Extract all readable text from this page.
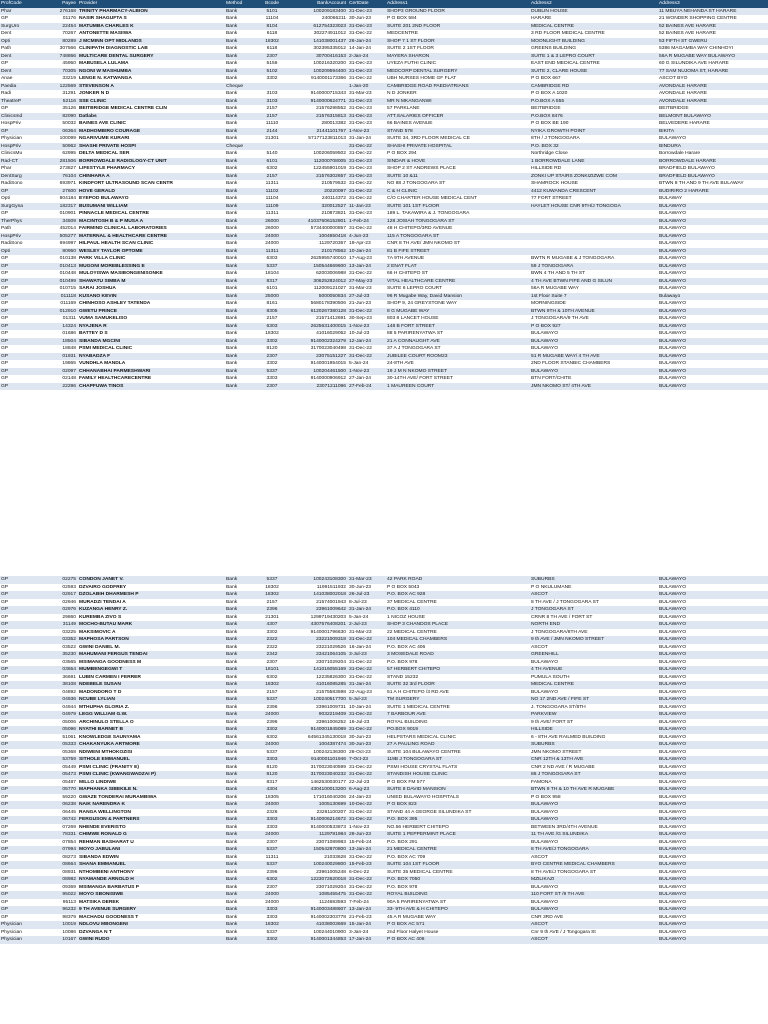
ProfCode	Payee	Provider	Method	Bcode	BankAccount	CertDate	Address1	Address2	Address3
Phar	276168	TRINITY PHARMACY-ALBION	Bank	5101	100209183400	31-Dec-23	SHOP3 GROUND FLOOR	DUBLIN HOUSE	11 MBUYA NEHANDA ST HARARE
GP	01176	NASIR SHAGUFTA S	Bank	11104	240066211	30-Jun-23	P O BOX 584	HARARE	21 WONDER SHOPPING CENTRE
SurgUro	22454	MATUMBA CHARLES K	Bank	8104	612754323023	31-Dec-23	SUITE 201 2ND FLOOR	MEDICAL CENTRE	52 BAINES AVE HARARE
Dent	70267	ANTONETTE MASIIWA	Bank	6118	302274911012	31-Dec-22	MEDCENTRE	3 RD FLOOR MEDICAL CENTRE	52 BAINES AVE HARARE
Opti	80289	J MCMINN OPT MIDLANDS	Bank	18302	141038001437	26-Jan-24	SHOP 7 1 ST FLOOR	MOONLIGHT BUILDING	53 FIFTH ST GWERU
Path	307566	CLINIPATH DIAGNOSTIC LAB	Bank	6118	302395335012	14-Jan-24	SUITE 2 1ST FLOOR	GREENS BUILDING	5386 MAGAMBA WAY CHINHOYI
Dent	748866	MULTICARE DENTAL SURGERY	Bank	2307	30700416153	2-Jan-24	MAYERA SHARON	SUITE 1 & 3 LEPRO COURT	56A R MUGABE WAY BULAWAYO
GP	45950	MABUSELA LULAMA	Bank	5156	100216320200	31-Dec-23	UYEZA FUTHI CLINIC	EAST END MEDICAL CENTRE	60 G SILUNDIKA AVE HARARE
Dent	70305	NGONI W MASHUMBA	Bank	5102	100209594400	31-Dec-23	MEDCORP DENTAL SURGERY	SUITE 2, CLARE HOUSE	77 SAM NUJOMA ST, HARARE
Anae	33219	LENGE N. KATWANGA	Bank	3302	9140001173366	31-Dec-22	UBH NURSES HOME GF FLAT	P O BOX 667	ASCOT BYO
Paedia	122569	STEVENSON A	Cheque			1-Jan-20	CAMBRIDGE ROAD PAEDIATRIANS	CAMBRIDGE RD	AVONDALE HARARE
Radi	31291	JONKER N D	Bank	3103	9140000715343	31-Mar-23	N D JONKER	P O BOX A 1020	AVONDALE HARARE
TheatreP	52116	SSE CLINIC	Bank	3103	9140000624771	31-Dec-23	MR N MKANGANWI	P.O.BOX A 555	AVONDALE HARARE
GP	35126	BEITBRIDGE MEDICAL CENTRE CLIN	Bank	2157	21576298552	31-Dec-23	57 PARKLANE	BEITBRIDGE	BEITBRIDGE
ClinicsInd	82090	Datlabs	Bank	2157	21576315813	31-Dec-23	ATT.SALARIES OFFICER	P.O.BOX 8476	BELMONT BULAWAYO
HospPriv	50032	BAINES AVE CLINIC	Bank	11110	280013382	31-Dec-23	66 BAINES AVENUE	P O BOX BE 190	BELVEDERE HARARE
GP	06364	MADHOMBIRO COURAGE	Bank	2144	21441101767	1-Nov-23	STAND 578	NYIKA GROWTH POINT	BIKITA
Physician	100099	NGARIVUME KURARI	Bank	21301	57177123811013	31-Jan-24	SUITE 34, 3RD FLOOR MEDICAL CE	8TH / J TONGOGARA	BULAWAYO
HospPriv	50962	SHASHI PRIVATE HOSPI	Cheque			31-Dec-22	SHASHI PRIVATE HOSPITAL	P.O. BOX 32	BINDURA
ClinicsMu	62995	DELTA MEDICAL SER	Bank	5140	100206059502	31-Dec-22	P O BOX 294	Northridge Close	Borrowdale Harare
Rad-CT	281506	BORROWDALE RADIOLOGY-CT UNIT	Bank	6101	112000708005	31-Dec-23	SINDAR & HOVE	1 BORROWDALE LANE	BORROWDALE HARARE
Phar	273827	LIFESTYLE PHARMACY	Bank	6302	122455901019	31-Dec-23	SHOP 2 ST ANDREWS PLACE	HILLSIDE RD	BRADFIELD BULAWAYO
DentSurg	76104	CHINHARA A	Bank	2157	21576302657	31-Dec-23	SUITE 10 &11	ZONKI UP STAIRS ZONKIZIZWE COM	BRADFIELD BULAWAYO
RadiSono	693971	KINDFORT ULTRASOUND SCAN CENTR	Bank	11311	210579532	31-Dec-22	NO 88 J TONGOGARA ST	SHAMROCK HOUSE	BTWN 8 TH AND 9 TH AVE BULAWAY
GP	27600	HOVE GERALD	Bank	11102	20220097	31-Dec-22	C & H CLINIC	4412 KUWANDA CRESCENT	BUDIRIRO 2 HARARE
Opti	804184	EYEPOD BULAWAYO	Bank	11104	240114372	31-Dec-22	C/O CHARTER HOUSE MEDICAL CENT	77 FORT STREET	BULAWAY
SurgGyna	182317	BUSUMANI WILLIAM	Bank	11109	320012527	11-Jan-23	SUITE 101 1ST FLOOR	HAYLET HOUSE CNR 9TH/J TONGOGA	BULAWAYO
GP	010901	PINNACLE MEDICAL CENTRE	Bank	11311	210873821	31-Dec-23	189 L. TAKAWIRA & J. TONGOGARA		BULAWAYO
TherPhys	34509	MACINTOSH B & P MUSA A	Bank	26000	41037606152801	1-Feb-24	128 JOSIAH TONGOGARA ST		BULAWAYO
Path	452014	FAIRMIND CLINICAL LABORATORIES	Bank	26000	5734400000857	31-Dec-22	48 H CHITEPO/3RD AVENUE		BULAWAYO
HospPriv	505277	MATERNAL & HEALTHCARE CENTRE	Bank	24000	1004650418	4-Jun-23	115 A TONGOGARA ST		BULAWAYO
RadiSono	694997	HILPAUL HEALTH SCAN CLINIC	Bank	24000	1129720357	19-Apr-23	CNR 8 TH AVE/ JMN NKOMO ST		BULAWAYO
Opti	80950	WESLEY TAYLOR OPTOME	Bank	11311	210178562	10-Jan-24	81 B FIFE STREET		BULAWAYO
GP	010138	PARK VILLA CLINIC	Bank	6303	2625955740010	17-Aug-23	7A 9TH AVENUE	BWTN R MUGABE & J TONGOGARA	BULAWAYO
GP	010413	MUGONI MOREBLESSING E	Bank	5337	150544669600	13-Jan-24	2 ENAT FLAT	59 J TONGOGARA	BULAWAYO
GP	010448	MULOYISWA MASIBONGENISONKE	Bank	18104	62003006988	31-Dec-22	66 H CHITEPO ST	BWN 4 TH AND 5 TH ST	BULAWAYO
GP	010499	SHAWATU SIMBA M	Bank	8317	306252824012	27-May-23	VITAL HEALTHCARE CENTRE	4 TH AVE BTWN FIFE AND G SILUN	BULAWAYO
GP	010715	SARAI JOSHUA	Bank	6101	112009121027	31-Mar-23	SUITE 6 LEPRO COURT	56A R MUGABE WAY	BULAWAYO
GP	011118	KUSANO KEVIN	Bank	25000	5000050834	27-Jul-23	96 R Mugabe Way, David Mansion	1st Floor Suite 7	Bulawayo
GP	011169	CHINHOSO ASHLEY TATENDA	Bank	8161	5680178390506	21-Jun-23	SHOP 9, 24 GREYSTONE WAY	MORNINGSIDE	BULAWAYO
GP	012910	GWETU PRINCE	Bank	8305	6120267380128	31-Dec-22	8 G MUGABE WAY	BTWN 9TH & 10TH AVENUE	BULAWAYO
GP	01311	VUMA SAMUKELISO	Bank	2157	21571412691	30-Sep-23	803 8 LANCET HOUSE	J TONGOGARA/9 TH AVE	BULAWAYO
GP	14324	NYAJENA R	Bank	6303	2625631400015	1-Nov-23	148 B FORT STREET	P O BOX 927	BULAWAYO
GP	01686	BATTEY D S	Bank	18302	41016029052	10-Jul-23	88 5 PARIRENYATWA ST	BULAWAYO	BULAWAYO
GP	18504	SIBANDA MGCINI	Bank	3302	9140002324279	12-Jan-24	21 A CONNAUGHT AVE	BULAWAYO	BULAWAYO
GP	18848	PSMI MEDICAL CLINIC	Bank	8120	3170023040498	31-Dec-22	37 A J TONGOGARA ST	BULAWAYO	BULAWAYO
GP	01931	NYABADZA F	Bank	2307	23075151227	31-Dec-22	JUBILEE COURT ROOM23	51 R MUGABE WAY/ 4 TH AVE	BULAWAYO
GP	19865	VUNDHLA MANDLA	Bank	3302	9140001954015	5-Jan-24	24-8TH AVE	2ND FLOOR STANBIC CHAMBERS	BULAWAYO
GP	02097	CHHANABHAI PARMESHWARI	Bank	5337	100204461500	1-Nov-23	19 J M N NKOMO STREET	BULAWAYO	BULAWAYO
GP	02148	FAMILY HEALTHCARECENTRE	Bank	3303	9140000906912	27-Jan-24	30-14TH AVE/ FORT STREET	BTN FORT/CHITE	BULAWAYO
GP	22296	CHAPFUWA TINOS	Bank	2307	23071211096	27-Feb-24	1 MAUREEN COURT	JMN NKOMO ST/ 4TH AVE	BULAWAYO
GP	02275	CONDON JANET V.	Bank	5337	100243108300	31-Mar-23	42 PARK ROAD	SUBURBS	BULAWAYO
GP	02593	DZVAIRO GODFREY	Bank	18302	11991511932	30-Jun-23	P O BOX 5043	P O NKULUMANE	BULAWAYO
GP	02917	DZOLABIH DHARMESH P	Bank	18302	141038002018	26-Jul-23	P.O. BOX AC 928	ASCOT	BULAWAYO
GP	02946	MURADZI TENDAI A	Bank	2157	21574001943	8-Jul-23	37 MEDICAL CENTRE	8 TH AVE / J TONGOGARA ST	BULAWAYO
GP	02976	KUZANGA HENRY Z.	Bank	2396	23961009642	31-Jan-24	P.O. BOX 4110	J TONGOGARA ST	BULAWAYO
GP	29860	KUREMBA ZIVO S	Bank	21301	1299719430203	5-Jan-24	1 NICOZ HOUSE	CRNR 8 TH AVE / FORT ST	BULAWAYO
GP	31149	MOCHO-BUTAU MARK	Bank	4307	4307576408201	2-Jul-23	SHOP 3 CHANDOS PLACE	NORTH END	BULAWAYO
GP	03225	MAKSIMOVIC A	Bank	3302	9140001796630	31-Mar-23	22 MEDICAL CENTRE	J TONGOGARA/8TH AVE	BULAWAYO
GP	03352	MAPHOSA PARTSON	Bank	2322	23221009318	31-Dec-22	104 MEDICAL CHAMBERS	9 th AVE / JMN NKOMO STREET	BULAWAYO
GP	03522	GWINI DANIEL M.	Bank	2322	23221029526	16-Jan-24	P.O. BOX AC 406	ASCOT	BULAWAYO
GP	35230	MAHUMANI FERGUS TENDAI	Bank	2342	23421064105	3-Jul-23	3 MOSEDALE ROAD	GREENHILL	BULAWAYO
GP	03565	MSIMANGA GOODNESS M	Bank	2307	23071029204	31-Dec-22	P.O. BOX 978	BULAWAYO	BULAWAYO
GP	03654	MUMBENGEGWI T	Bank	18101	141016055169	31-Dec-22	57 HERBERT CHITEPO	4 TH AVENUE	BULAWAYO
GP	36691	LUBIN CARMEN I FERRER	Bank	6302	12235826300	31-Dec-22	STAND 15232	PUMULA SOUTH	BULAWAYO
GP	38108	NDEBELE SUSAN	Bank	18302	41016085285	31-Jan-24	SUITE 32 3rd FLOOR	MEDICAL CENTRE	BULAWAYO
GP	04892	MADONDORO T D	Bank	2157	21575583598	22-Aug-23	51 A H CHITEPO /3 RD AVE	BULAWAYO	BULAWAYO
GP	04936	NCUBE LYLIAN	Bank	5337	100240517700	5-Jul-23	TM SURGERY	NO 17 2ND AVE / FIFE ST	BULAWAYO
GP	04944	MTHUPHA GLORIA Z.	Bank	2396	23961009731	10-Jan-24	SUITE 1 MEDICAL CENTRE	J. TONGOGARA ST/8TH	BULAWAYO
GP	04979	LEGG WILLIAM G.W.	Bank	24000	9032219409	31-Dec-22	7 BARBOUR AVE	PARKVIEW	BULAWAYO
GP	05006	ARCHINULO STELLA O	Bank	2396	23961006252	16-Jul-23	ROYAL BUILDING	9 th AVE/ FORT ST	BULAWAYO
GP	05096	NYATHI BARNET B	Bank	3302	9140001845089	31-Dec-22	PO.BOX 9019	HILLSIDE	BULAWAYO
GP	51061	KNOWLEDGE SAUNYAMA	Bank	6302	64561345130018	30-Jun-23	HELPSTARS MEDICAL CLINIC	6 - 8TH AVE RAILMED BUILDING	BULAWAYO
GP	05333	CHAKANYUKA ARTMORE	Bank	24000	1004387474	30-Jun-23	27 A PAULING ROAD	SUBURBS	BULAWAYO
GP	05368	NDIWENI MTHOKOZISI	Bank	5337	100242136300	28-Oct-23	SUITE 104 BULAWAYO CENTRE	JMN NKOMO STREET	BULAWAYO
GP	53759	SITHOLE EMMANUEL	Bank	3303	9140001101946	7-Oct-23	119B J TONGOGARA ST	CNR 12TH & 13TH AVE	BULAWAYO
GP	05449	PSMI CLINIC (FRANITY E)	Bank	8120	3170023040599	31-Dec-22	PSMI HOUSE CRYSTAL FLATS	CNR 2 ND AVE / R MUGABE	BULAWAYO
GP	05473	PSMI CLINIC (KWANGWADZAI P)	Bank	8120	3170023040232	31-Dec-22	STANDISH HOUSE CLINIC	86 J TONGOGARA ST	BULAWAYO
GP	05487	MILLO LINDIWE	Bank	8317	1462530030177	22-Jul-23	P O BOX FM 577	FAMONA	BULAWAYO
GP	05770	MAPHANKA SIBEKILE N.	Bank	4304	4304100013200	6-Aug-23	SUITE 8 DAVID MANSION	BTWN 9 TH & 10 TH AVE R MUGABE	BULAWAYO
GP	59220	GWAZE TONDERAI MURAMBIWA	Bank	18305	171016040206	24-Jan-23	UNIED BULAWAYO HOSPITALS	P O BOX 958	BULAWAYO
GP	06238	NAIK NARENDRA K	Bank	24000	1005130699	10-Dec-22	P O BOX 823	BULAWAYO	BULAWAYO
GP	06445	RANGA WELLINGTON	Bank	2326	23261100207	31-Dec-22	STAND 44 A GEORGE SILUNDIKA ST	BULAWAYO	BULAWAYO
GP	06742	FERGUSON & PARTNERS	Bank	3303	9140006214672	31-Dec-22	P.O. BOX 395	BULAWAYO	BULAWAYO
GP	07269	NHENDE EVERISTO	Bank	3303	9140000533873	1-Nov-23	NO.56 HERBERT CHITEPO	BETWEEN 3RD/4TH AVENUE	BULAWAYO
GP	78331	CHIMWE RONALD G	Bank	24000	1129781984	28-Jun-23	SUITE 1 PEPPERMINT PLACE	11 TH AVE /G SILUNDIKA	BULAWAYO
GP	07854	REHMAN BASHARAT U	Bank	2307	23071089983	15-Feb-24	P.O. BOX 291	BULAWAYO	BULAWAYO
GP	07994	MOYO JABULANI	Bank	5337	150542870800	13-Jan-24	21 MEDICAL CENTRE	8 TH AVE/J TONGOGARA	BULAWAYO
GP	08273	SIBANDA EDWIN	Bank	11311	21033628	31-Dec-22	P.O. BOX AC 709	ASCOT	BULAWAYO
GP	08664	SHANA EMMANUEL	Bank	5337	100240029800	15-Feb-23	SUITE 104 1ST FLOOR	BYO CENTRE MEDICAL CHAMBERS	BULAWAYO
GP	08931	NTHOMBENI ANTHONY	Bank	2396	23961005248	6-Dec-22	SUITE 35 MEDICAL CENTRE	8 TH AVE/J TONGOGARA ST	BULAWAYO
GP	08982	NYAMANDE ARNOLD H	Bank	6302	1223072620018	31-Dec-22	P.O. BOX 7050	MZILIKAZI	BULAWAYO
GP	09369	MSIMANGA BARBATUS P	Bank	2307	23071029204	31-Dec-22	P.O. BOX 978	BULAWAYO	BULAWAYO
GP	95022	MOYO SBONISIWE	Bank	24000	1085455475	31-Dec-22	ROYAL BUILDING	110 FORT ST /9 TH AVE	BULAWAYO
GP	95113	MATSIKA DEREK	Bank	24000	1124683593	7-Feb-24	90A 5 PARIRENYATWA ST	BULAWAYO	BULAWAYO
GP	96232	9 TH AVENUE SURGERY	Bank	3303	9140003488607	13-Jan-24	33- 9TH AVE & H CHITEPO	BULAWAYO	BULAWAYO
GP	98379	MACHADU GOODNESS T	Bank	3303	9140002303778	21-Feb-23	45 A R MUGABE WAY	CNR 3RD AVE	BULAWAYO
Physician	10019	NDLOVU MBONGENI	Bank	18302	41038003669	15-Jan-24	P O BOX AC 571	ASCOT	BULAWAYO
Physician	10086	DZVANGA N T	Bank	5337	100244010900	3-Jan-24	2nd Floor Halyet House	Cnr 9 th AVE / J Tongogara St	BULAWAYO
Physician	10167	GWINI RUDO	Bank	3302	9140001344853	17-Jan-24	P O BOX AC 406	ASCOT	BULAWAYO
